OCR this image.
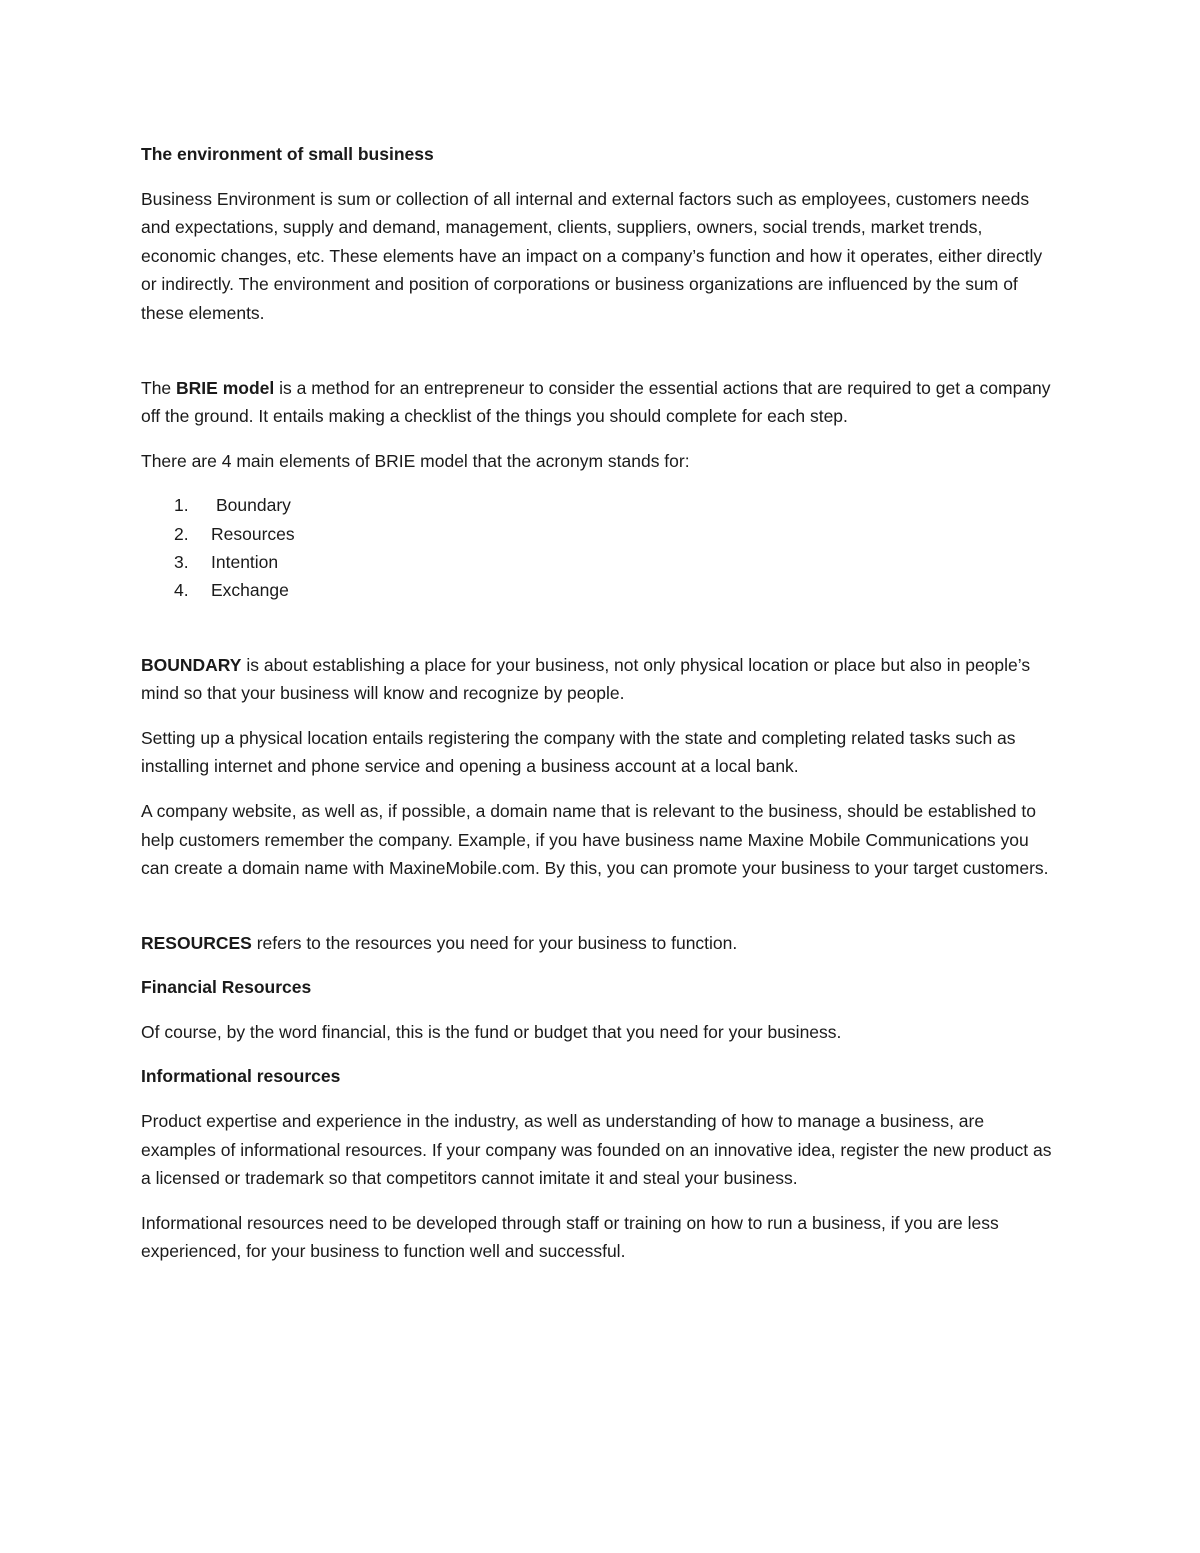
The environment of small business

Business Environment is sum or collection of all internal and external factors such as employees, customers needs and expectations, supply and demand, management, clients, suppliers, owners, social trends, market trends, economic changes, etc. These elements have an impact on a company’s function and how it operates, either directly or indirectly. The environment and position of corporations or business organizations are influenced by the sum of these elements.

The BRIE model is a method for an entrepreneur to consider the essential actions that are required to get a company off the ground. It entails making a checklist of the things you should complete for each step.

There are 4 main elements of BRIE model that the acronym stands for:

1. Boundary
2. Resources
3. Intention
4. Exchange

BOUNDARY is about establishing a place for your business, not only physical location or place but also in people’s mind so that your business will know and recognize by people.

Setting up a physical location entails registering the company with the state and completing related tasks such as installing internet and phone service and opening a business account at a local bank.

A company website, as well as, if possible, a domain name that is relevant to the business, should be established to help customers remember the company. Example, if you have business name Maxine Mobile Communications you can create a domain name with MaxineMobile.com. By this, you can promote your business to your target customers.

RESOURCES refers to the resources you need for your business to function.

Financial Resources

Of course, by the word financial, this is the fund or budget that you need for your business.

Informational resources

Product expertise and experience in the industry, as well as understanding of how to manage a business, are examples of informational resources. If your company was founded on an innovative idea, register the new product as a licensed or trademark so that competitors cannot imitate it and steal your business.

Informational resources need to be developed through staff or training on how to run a business, if you are less experienced, for your business to function well and successful.
